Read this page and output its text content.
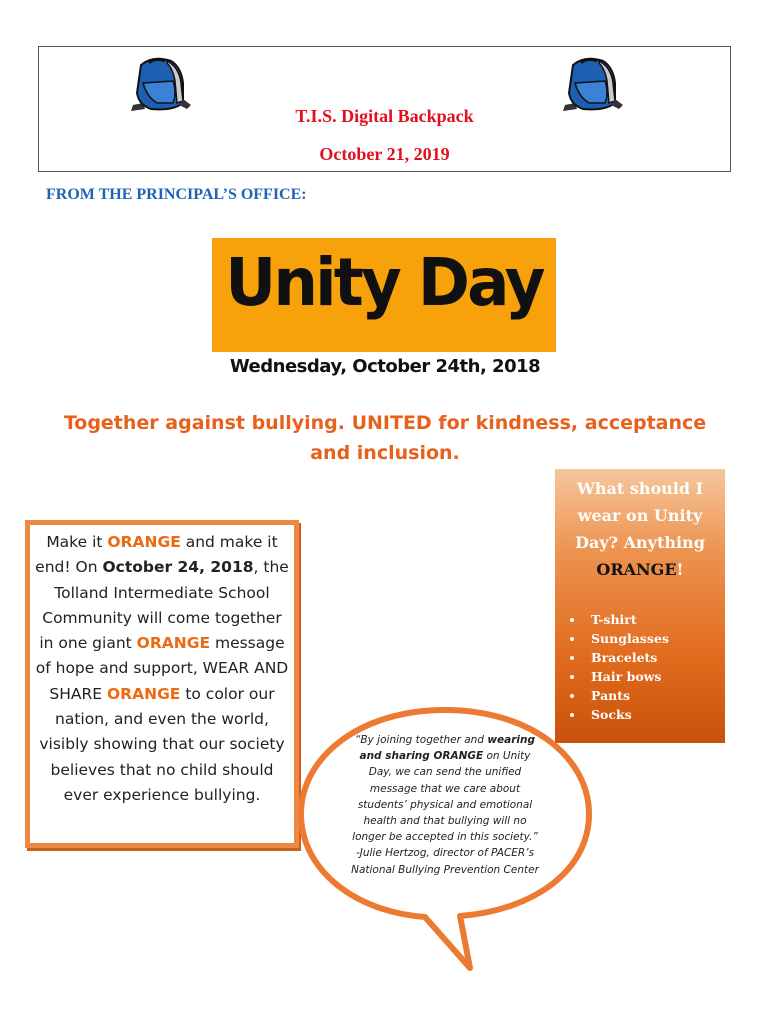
T.I.S. Digital Backpack
October 21, 2019
FROM THE PRINCIPAL’S OFFICE:
Unity Day
Wednesday, October 24th, 2018
Together against bullying. UNITED for kindness, acceptance and inclusion.
Make it ORANGE and make it end! On October 24, 2018, the Tolland Intermediate School Community will come together in one giant ORANGE message of hope and support, WEAR AND SHARE ORANGE to color our nation, and even the world, visibly showing that our society believes that no child should ever experience bullying.
What should I wear on Unity Day? Anything
ORANGE!
• T-shirt
• Sunglasses
• Bracelets
• Hair bows
• Pants
• Socks
“By joining together and wearing and sharing ORANGE on Unity Day, we can send the unified message that we care about students’ physical and emotional health and that bullying will no longer be accepted in this society.”
-Julie Hertzog, director of PACER’s National Bullying Prevention Center
